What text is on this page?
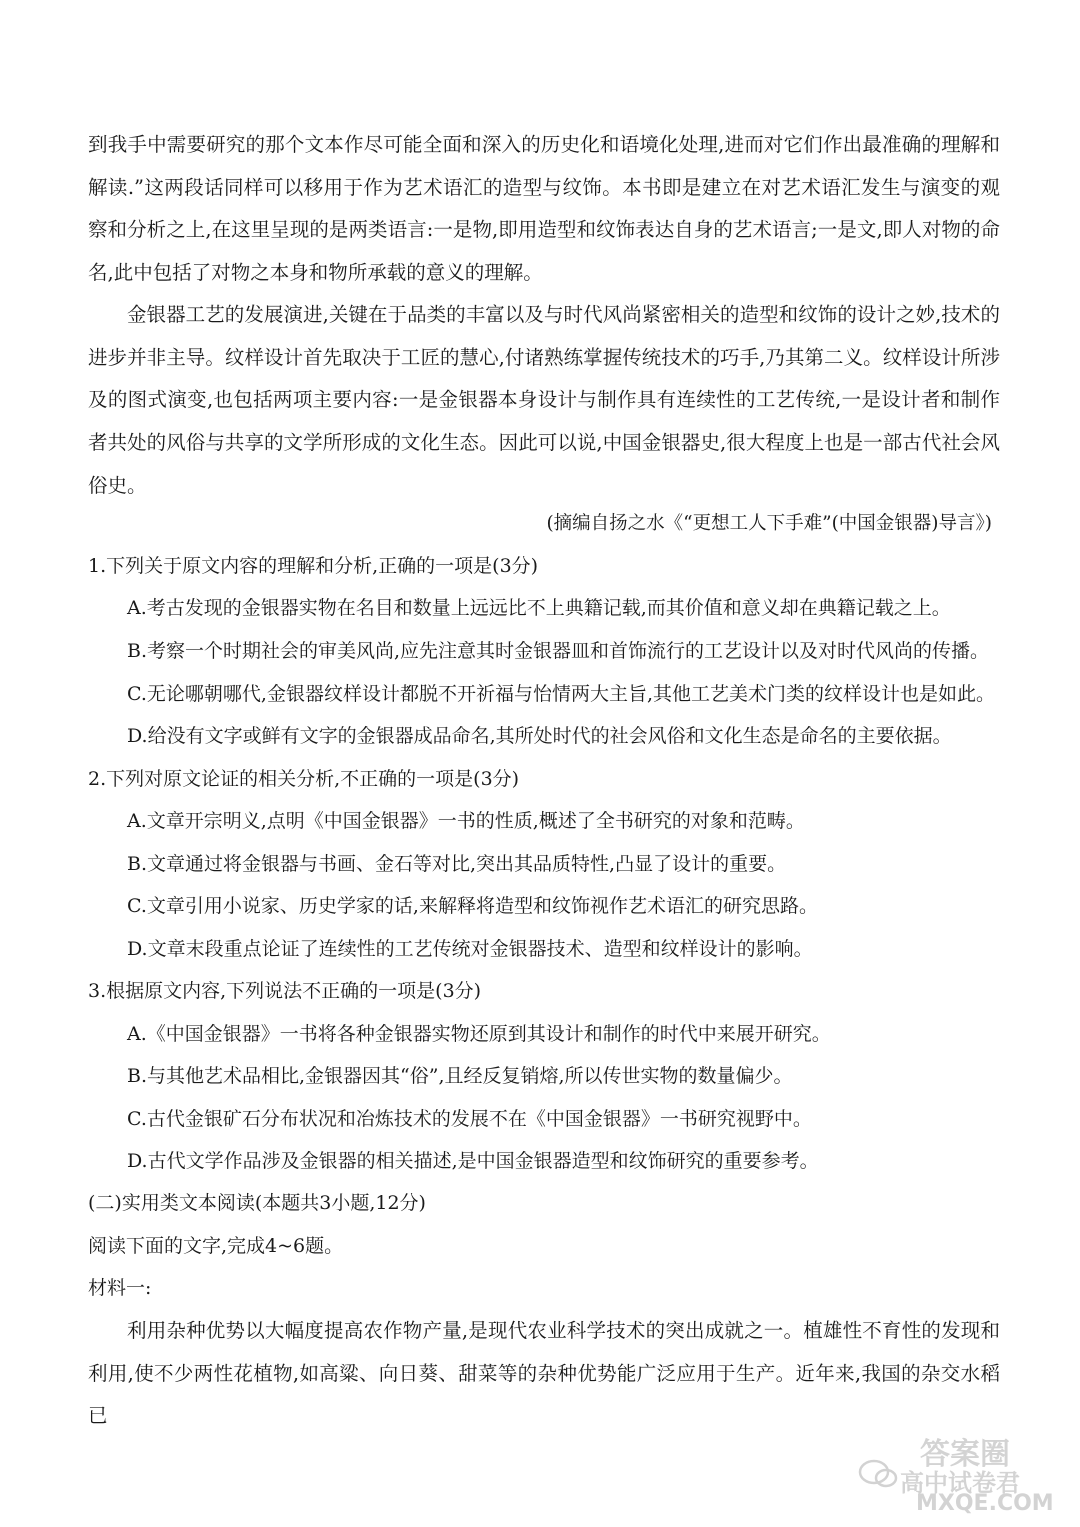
到我手中需要研究的那个文本作尽可能全面和深入的历史化和语境化处理,进而对它们作出最准确的理解和解读.”这两段话同样可以移用于作为艺术语汇的造型与纹饰。本书即是建立在对艺术语汇发生与演变的观察和分析之上,在这里呈现的是两类语言:一是物,即用造型和纹饰表达自身的艺术语言;一是文,即人对物的命名,此中包括了对物之本身和物所承载的意义的理解。

金银器工艺的发展演进,关键在于品类的丰富以及与时代风尚紧密相关的造型和纹饰的设计之妙,技术的进步并非主导。纹样设计首先取决于工匠的慧心,付诸熟练掌握传统技术的巧手,乃其第二义。纹样设计所涉及的图式演变,也包括两项主要内容:一是金银器本身设计与制作具有连续性的工艺传统,一是设计者和制作者共处的风俗与共享的文学所形成的文化生态。因此可以说,中国金银器史,很大程度上也是一部古代社会风俗史。

(摘编自扬之水《“更想工人下手难”(中国金银器)导言》)

1.下列关于原文内容的理解和分析,正确的一项是(3分)

A.考古发现的金银器实物在名目和数量上远远比不上典籍记载,而其价值和意义却在典籍记载之上。

B.考察一个时期社会的审美风尚,应先注意其时金银器皿和首饰流行的工艺设计以及对时代风尚的传播。

C.无论哪朝哪代,金银器纹样设计都脱不开祈福与怡情两大主旨,其他工艺美术门类的纹样设计也是如此。

D.给没有文字或鲜有文字的金银器成品命名,其所处时代的社会风俗和文化生态是命名的主要依据。

2.下列对原文论证的相关分析,不正确的一项是(3分)

A.文章开宗明义,点明《中国金银器》一书的性质,概述了全书研究的对象和范畴。

B.文章通过将金银器与书画、金石等对比,突出其品质特性,凸显了设计的重要。

C.文章引用小说家、历史学家的话,来解释将造型和纹饰视作艺术语汇的研究思路。

D.文章末段重点论证了连续性的工艺传统对金银器技术、造型和纹样设计的影响。

3.根据原文内容,下列说法不正确的一项是(3分)

A.《中国金银器》一书将各种金银器实物还原到其设计和制作的时代中来展开研究。

B.与其他艺术品相比,金银器因其“俗”,且经反复销熔,所以传世实物的数量偏少。

C.古代金银矿石分布状况和冶炼技术的发展不在《中国金银器》一书研究视野中。

D.古代文学作品涉及金银器的相关描述,是中国金银器造型和纹饰研究的重要参考。

(二)实用类文本阅读(本题共3小题,12分)

阅读下面的文字,完成4~6题。

材料一:

利用杂种优势以大幅度提高农作物产量,是现代农业科学技术的突出成就之一。植雄性不育性的发现和利用,使不少两性花植物,如高粱、向日葵、甜菜等的杂种优势能广泛应用于生产。近年来,我国的杂交水稻已

答案圈
高中试卷君
MXQE.COM
